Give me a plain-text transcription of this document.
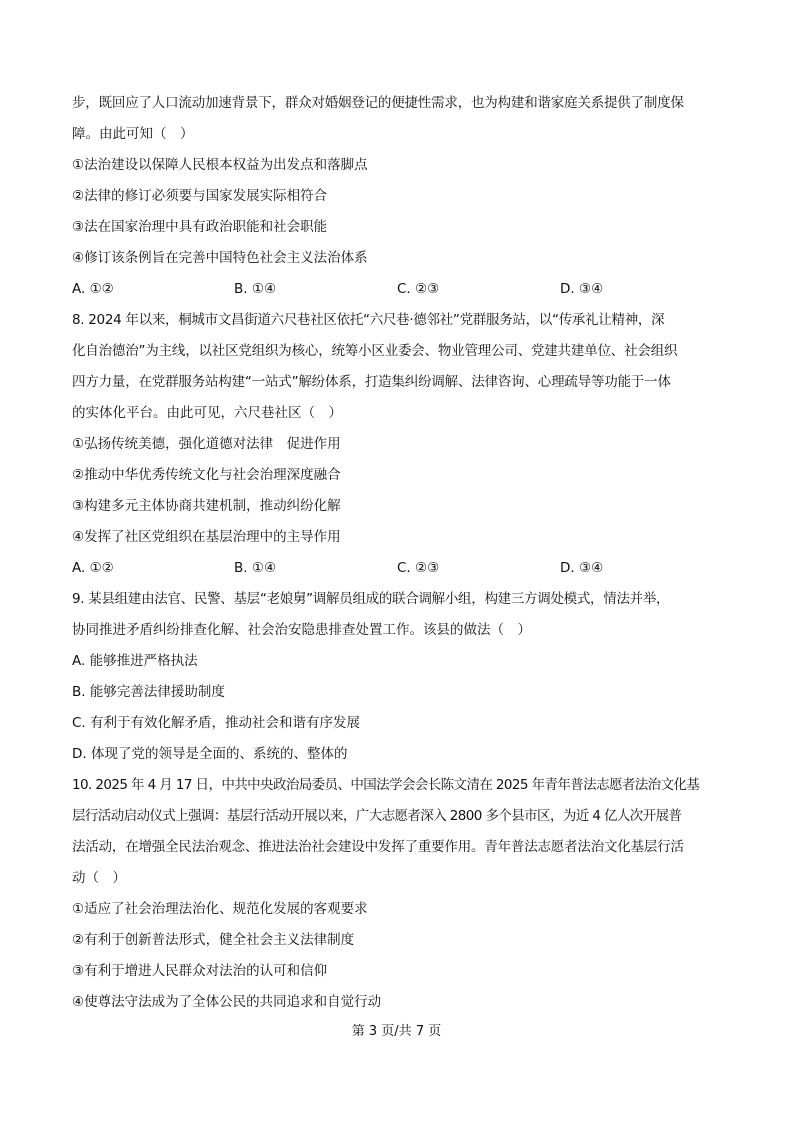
步，既回应了人口流动加速背景下，群众对婚姻登记的便捷性需求，也为构建和谐家庭关系提供了制度保
障。由此可知（　）
①法治建设以保障人民根本权益为出发点和落脚点
②法律的修订必须要与国家发展实际相符合
③法在国家治理中具有政治职能和社会职能
④修订该条例旨在完善中国特色社会主义法治体系
A. ①②	B. ①④	C. ②③	D. ③④
8. 2024 年以来，桐城市文昌街道六尺巷社区依托“六尺巷·德邻社”党群服务站，以“传承礼让精神，深
化自治德治”为主线，以社区党组织为核心，统筹小区业委会、物业管理公司、党建共建单位、社会组织
四方力量，在党群服务站构建“一站式”解纷体系，打造集纠纷调解、法律咨询、心理疏导等功能于一体
的实体化平台。由此可见，六尺巷社区（　）
①弘扬传统美德，强化道德对法律　促进作用
②推动中华优秀传统文化与社会治理深度融合
③构建多元主体协商共建机制，推动纠纷化解
④发挥了社区党组织在基层治理中的主导作用
A. ①②	B. ①④	C. ②③	D. ③④
9. 某县组建由法官、民警、基层“老娘舅”调解员组成的联合调解小组，构建三方调处模式，情法并举，
协同推进矛盾纠纷排查化解、社会治安隐患排查处置工作。该县的做法（　）
A. 能够推进严格执法
B. 能够完善法律援助制度
C. 有利于有效化解矛盾，推动社会和谐有序发展
D. 体现了党的领导是全面的、系统的、整体的
10. 2025 年 4 月 17 日，中共中央政治局委员、中国法学会会长陈文清在 2025 年青年普法志愿者法治文化基
层行活动启动仪式上强调：基层行活动开展以来，广大志愿者深入 2800 多个县市区，为近 4 亿人次开展普
法活动，在增强全民法治观念、推进法治社会建设中发挥了重要作用。青年普法志愿者法治文化基层行活
动（　）
①适应了社会治理法治化、规范化发展的客观要求
②有利于创新普法形式，健全社会主义法律制度
③有利于增进人民群众对法治的认可和信仰
④使尊法守法成为了全体公民的共同追求和自觉行动
第 3 页/共 7 页
